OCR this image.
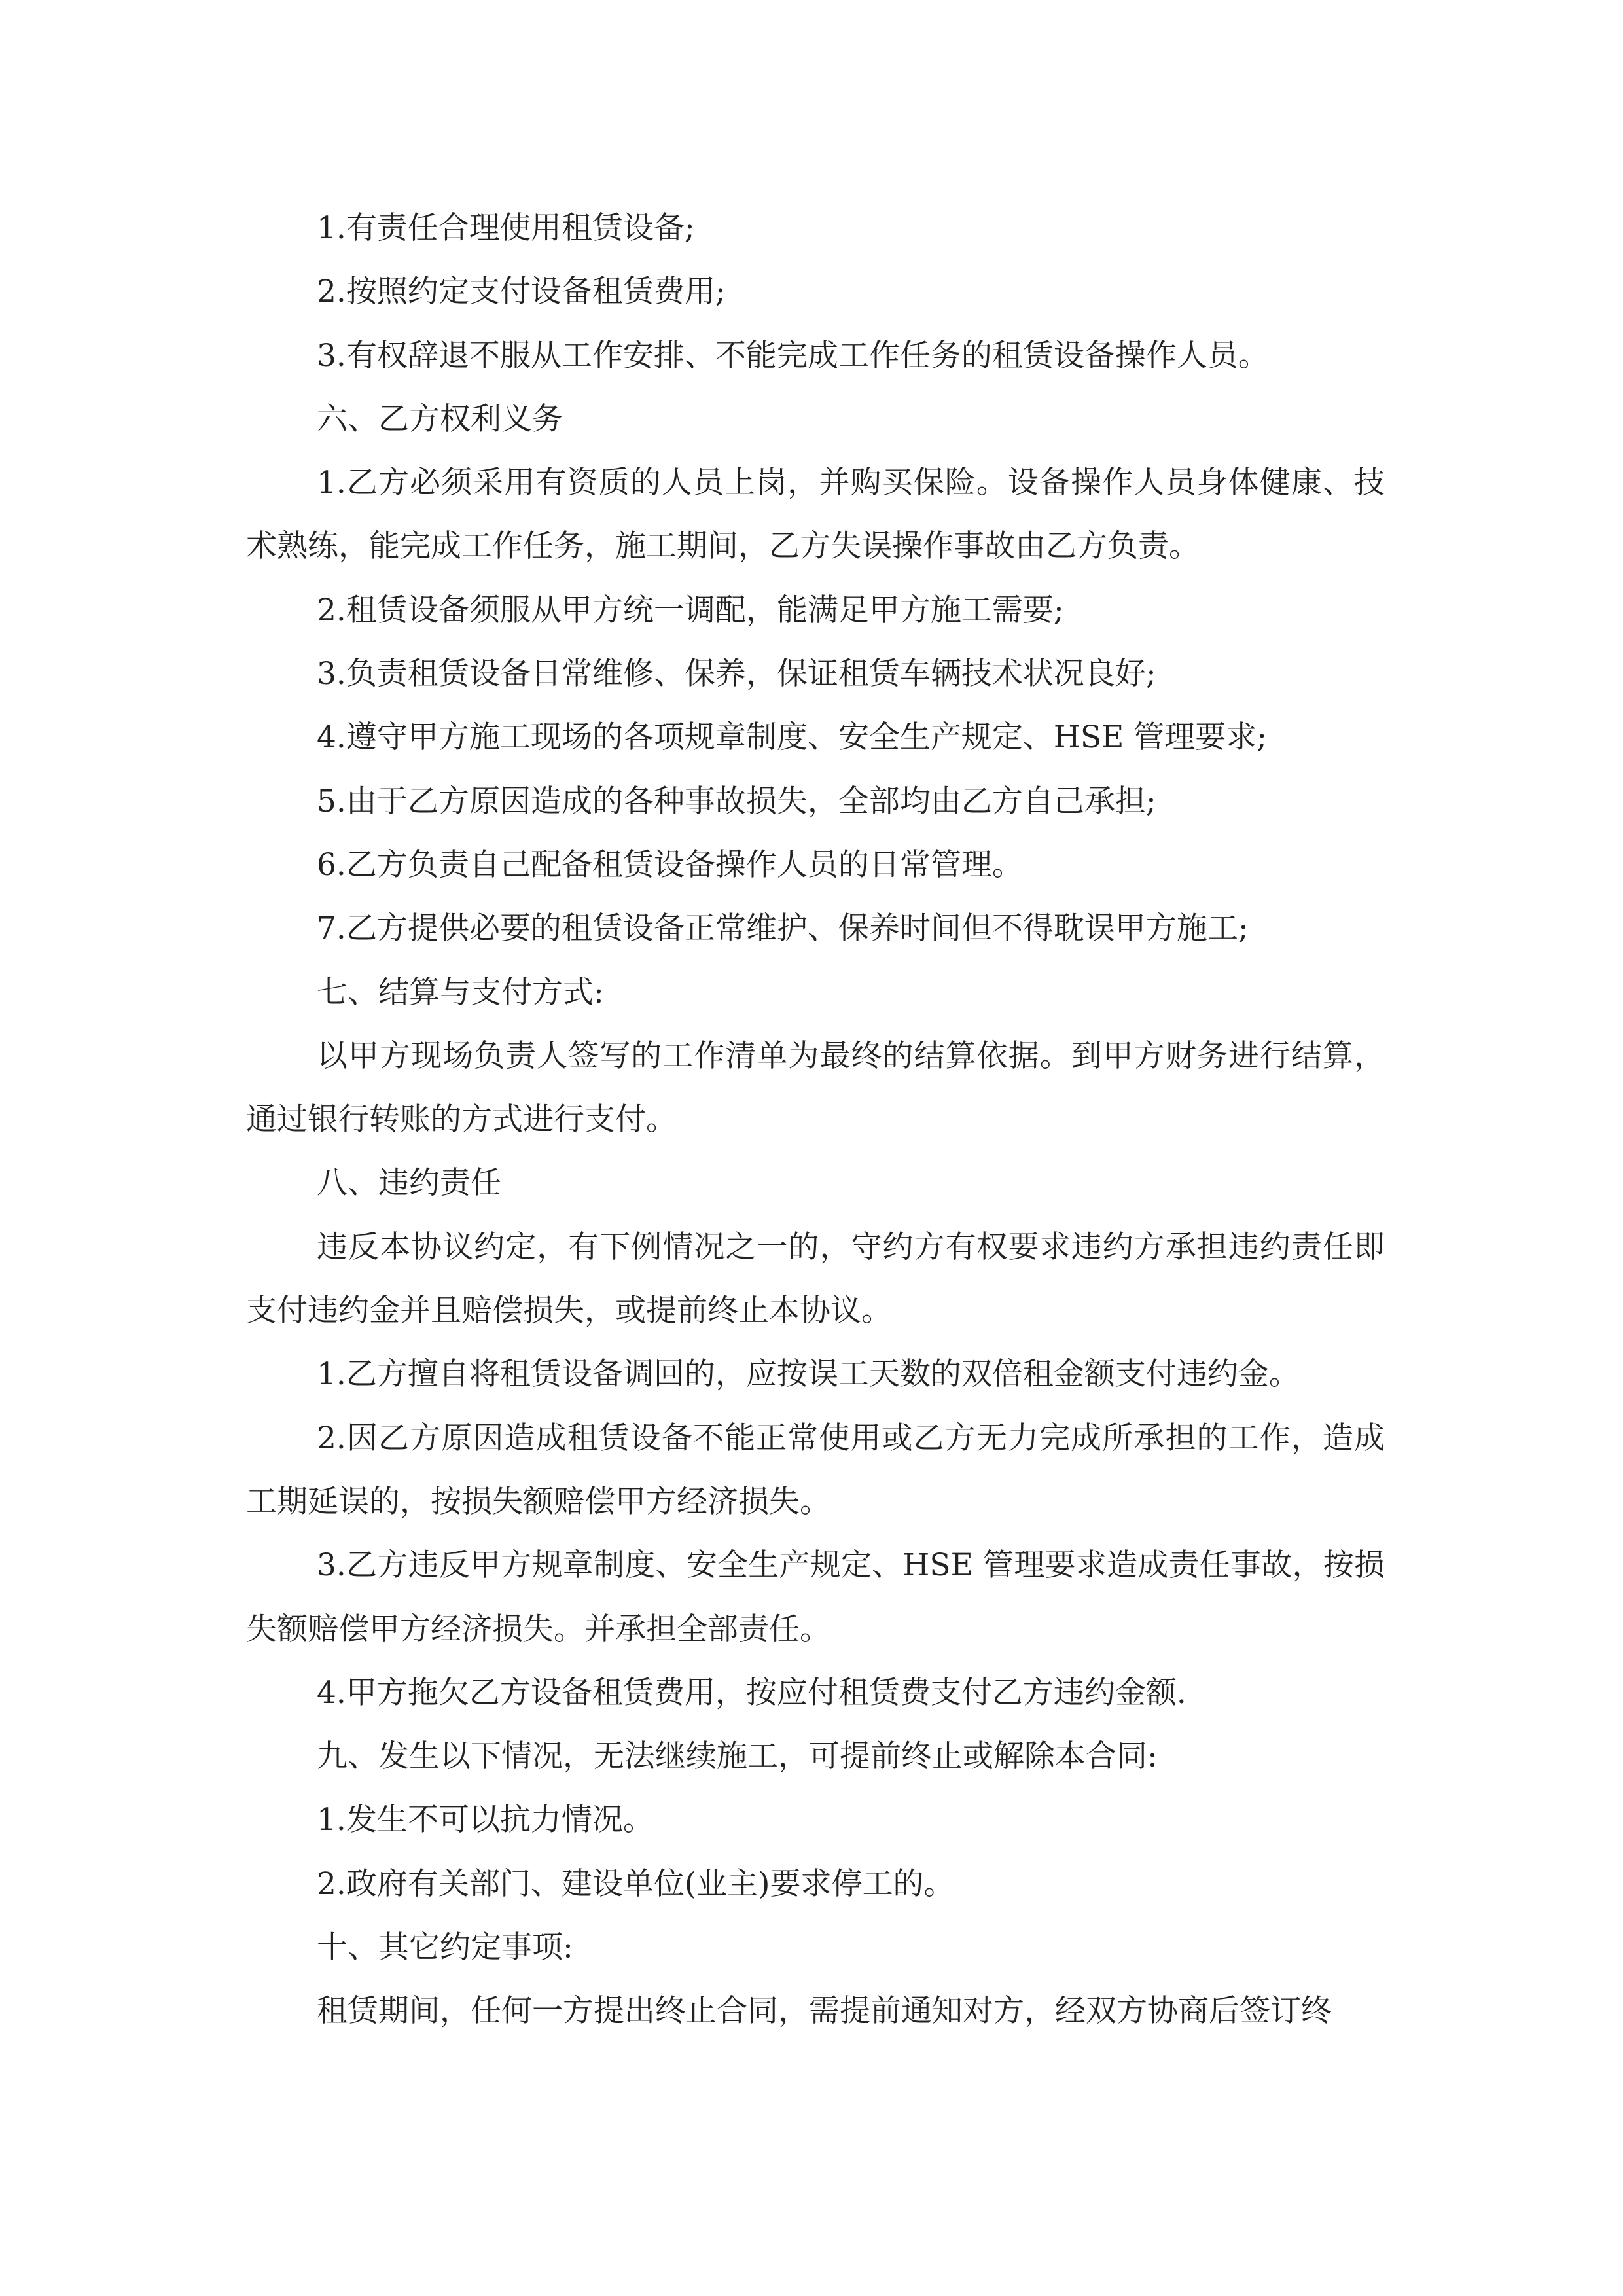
1.有责任合理使用租赁设备;

2.按照约定支付设备租赁费用;

3.有权辞退不服从工作安排、不能完成工作任务的租赁设备操作人员。

六、乙方权利义务

1.乙方必须采用有资质的人员上岗，并购买保险。设备操作人员身体健康、技术熟练，能完成工作任务，施工期间，乙方失误操作事故由乙方负责。

2.租赁设备须服从甲方统一调配，能满足甲方施工需要;

3.负责租赁设备日常维修、保养，保证租赁车辆技术状况良好;

4.遵守甲方施工现场的各项规章制度、安全生产规定、HSE 管理要求;

5.由于乙方原因造成的各种事故损失，全部均由乙方自己承担;

6.乙方负责自己配备租赁设备操作人员的日常管理。

7.乙方提供必要的租赁设备正常维护、保养时间但不得耽误甲方施工;

七、结算与支付方式:

以甲方现场负责人签写的工作清单为最终的结算依据。到甲方财务进行结算，通过银行转账的方式进行支付。

八、违约责任

违反本协议约定，有下例情况之一的，守约方有权要求违约方承担违约责任即支付违约金并且赔偿损失，或提前终止本协议。

1.乙方擅自将租赁设备调回的，应按误工天数的双倍租金额支付违约金。

2.因乙方原因造成租赁设备不能正常使用或乙方无力完成所承担的工作，造成工期延误的，按损失额赔偿甲方经济损失。

3.乙方违反甲方规章制度、安全生产规定、HSE 管理要求造成责任事故，按损失额赔偿甲方经济损失。并承担全部责任。

4.甲方拖欠乙方设备租赁费用，按应付租赁费支付乙方违约金额.

九、发生以下情况，无法继续施工，可提前终止或解除本合同:

1.发生不可以抗力情况。

2.政府有关部门、建设单位(业主)要求停工的。

十、其它约定事项:

租赁期间，任何一方提出终止合同，需提前通知对方，经双方协商后签订终
